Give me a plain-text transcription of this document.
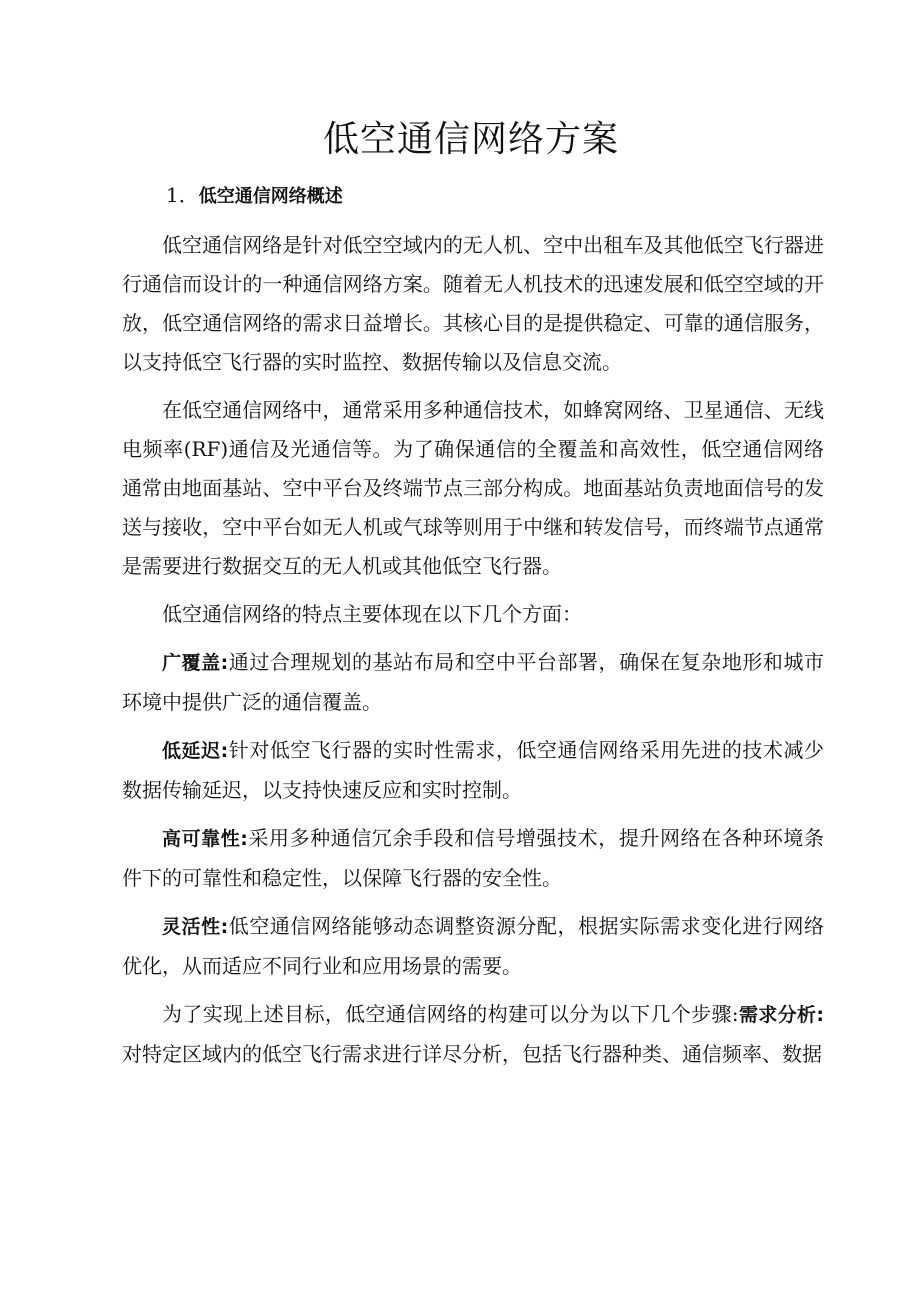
低空通信网络方案

1．低空通信网络概述

低空通信网络是针对低空空域内的无人机、空中出租车及其他低空飞行器进行通信而设计的一种通信网络方案。随着无人机技术的迅速发展和低空空域的开放，低空通信网络的需求日益增长。其核心目的是提供稳定、可靠的通信服务，以支持低空飞行器的实时监控、数据传输以及信息交流。

在低空通信网络中，通常采用多种通信技术，如蜂窝网络、卫星通信、无线电频率(RF)通信及光通信等。为了确保通信的全覆盖和高效性，低空通信网络通常由地面基站、空中平台及终端节点三部分构成。地面基站负责地面信号的发送与接收，空中平台如无人机或气球等则用于中继和转发信号，而终端节点通常是需要进行数据交互的无人机或其他低空飞行器。

低空通信网络的特点主要体现在以下几个方面：

广覆盖:通过合理规划的基站布局和空中平台部署，确保在复杂地形和城市环境中提供广泛的通信覆盖。

低延迟:针对低空飞行器的实时性需求，低空通信网络采用先进的技术减少数据传输延迟，以支持快速反应和实时控制。

高可靠性:采用多种通信冗余手段和信号增强技术，提升网络在各种环境条件下的可靠性和稳定性，以保障飞行器的安全性。

灵活性:低空通信网络能够动态调整资源分配，根据实际需求变化进行网络优化，从而适应不同行业和应用场景的需要。

为了实现上述目标，低空通信网络的构建可以分为以下几个步骤:需求分析:对特定区域内的低空飞行需求进行详尽分析，包括飞行器种类、通信频率、数据
